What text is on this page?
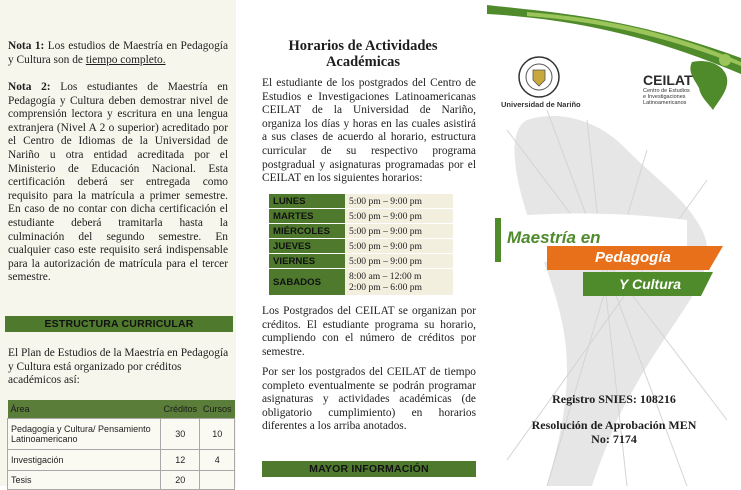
Nota 1: Los estudios de Maestría en Pedagogía y Cultura son de tiempo completo.
Nota 2: Los estudiantes de Maestría en Pedagogía y Cultura deben demostrar nivel de comprensión lectora y escritura en una lengua extranjera (Nivel A 2 o superior) acreditado por el Centro de Idiomas de la Universidad de Nariño u otra entidad acreditada por el Ministerio de Educación Nacional. Esta certificación deberá ser entregada como requisito para la matrícula a primer semestre. En caso de no contar con dicha certificación el estudiante deberá tramitarla hasta la culminación del segundo semestre. En cualquier caso este requisito será indispensable para la autorización de matrícula para el tercer semestre.
ESTRUCTURA CURRICULAR
El Plan de Estudios de la Maestría en Pedagogía y Cultura está organizado por créditos académicos así:
Área	Créditos	Cursos
Pedagogía y Cultura/ Pensamiento Latinoamericano	30	10
Investigación	12	4
Tesis	20	
Horarios de Actividades
Académicas
El estudiante de los postgrados del Centro de Estudios e Investigaciones Latinoamericanas CEILAT de la Universidad de Nariño, organiza los días y horas en las cuales asistirá a sus clases de acuerdo al horario, estructura curricular de su respectivo programa postgradual y asignaturas programadas por el CEILAT en los siguientes horarios:
LUNES	5:00 pm – 9:00 pm
MARTES	5:00 pm – 9:00 pm
MIÉRCOLES	5:00 pm – 9:00 pm
JUEVES	5:00 pm – 9:00 pm
VIERNES	5:00 pm – 9:00 pm
SABADOS	8:00 am – 12:00 m
2:00 pm – 6:00 pm
Los Postgrados del CEILAT se organizan por créditos. El estudiante programa su horario, cumpliendo con el número de créditos por semestre.
Por ser los postgrados del CEILAT de tiempo completo eventualmente se podrán programar asignaturas y actividades académicas (de obligatorio cumplimiento) en horarios diferentes a los arriba anotados.
MAYOR INFORMACIÓN
Universidad de Nariño
CEILAT
Centro de Estudios
e Investigaciones
Latinoamericanos
Maestría en
Pedagogía
Y Cultura
Registro SNIES: 108216
Resolución de Aprobación MEN
No: 7174
